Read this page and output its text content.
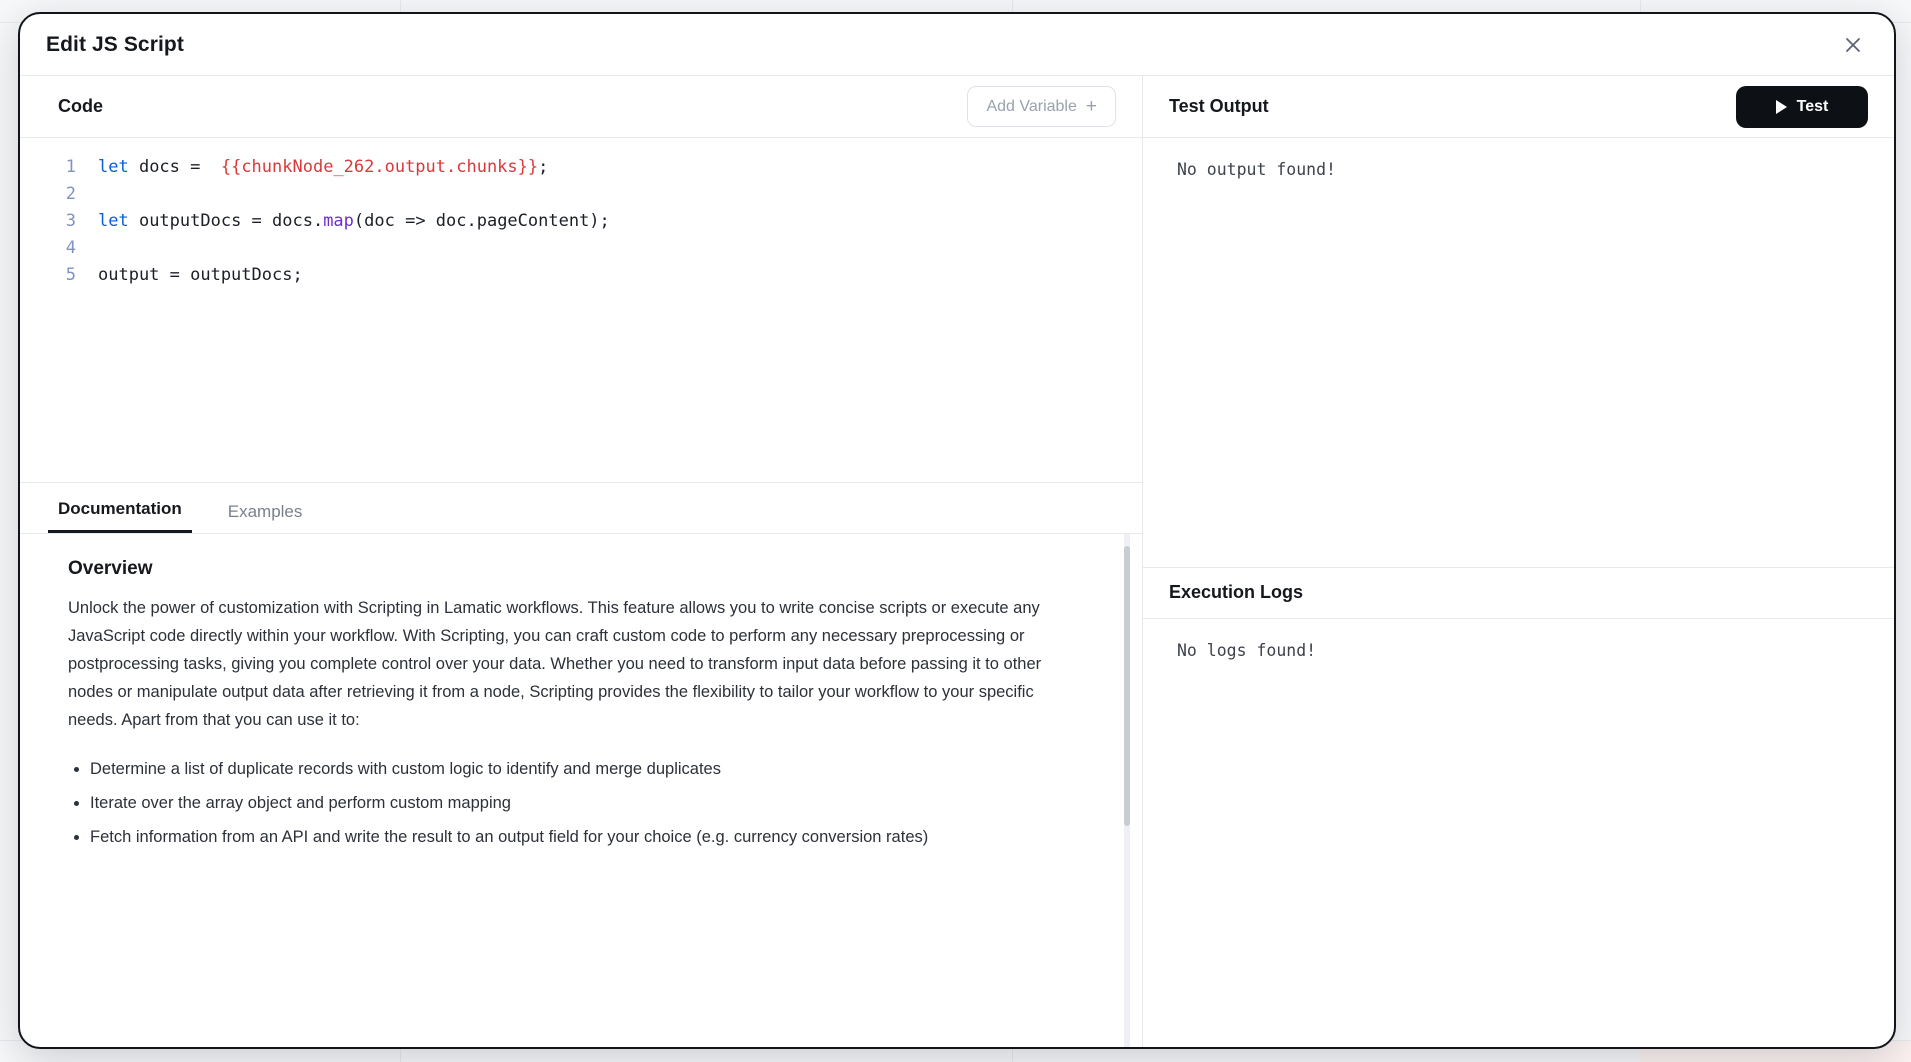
Edit JS Script
Code	Add Variable +
1	let docs =  {{chunkNode_262.output.chunks}};
2
3	let outputDocs = docs.map(doc => doc.pageContent);
4
5	output = outputDocs;
Documentation	Examples
Overview

Unlock the power of customization with Scripting in Lamatic workflows. This feature allows you to write concise scripts or execute any JavaScript code directly within your workflow. With Scripting, you can craft custom code to perform any necessary preprocessing or postprocessing tasks, giving you complete control over your data. Whether you need to transform input data before passing it to other nodes or manipulate output data after retrieving it from a node, Scripting provides the flexibility to tailor your workflow to your specific needs. Apart from that you can use it to:

• Determine a list of duplicate records with custom logic to identify and merge duplicates
• Iterate over the array object and perform custom mapping
• Fetch information from an API and write the result to an output field for your choice (e.g. currency conversion rates)
Test Output	Test
No output found!
Execution Logs
No logs found!
